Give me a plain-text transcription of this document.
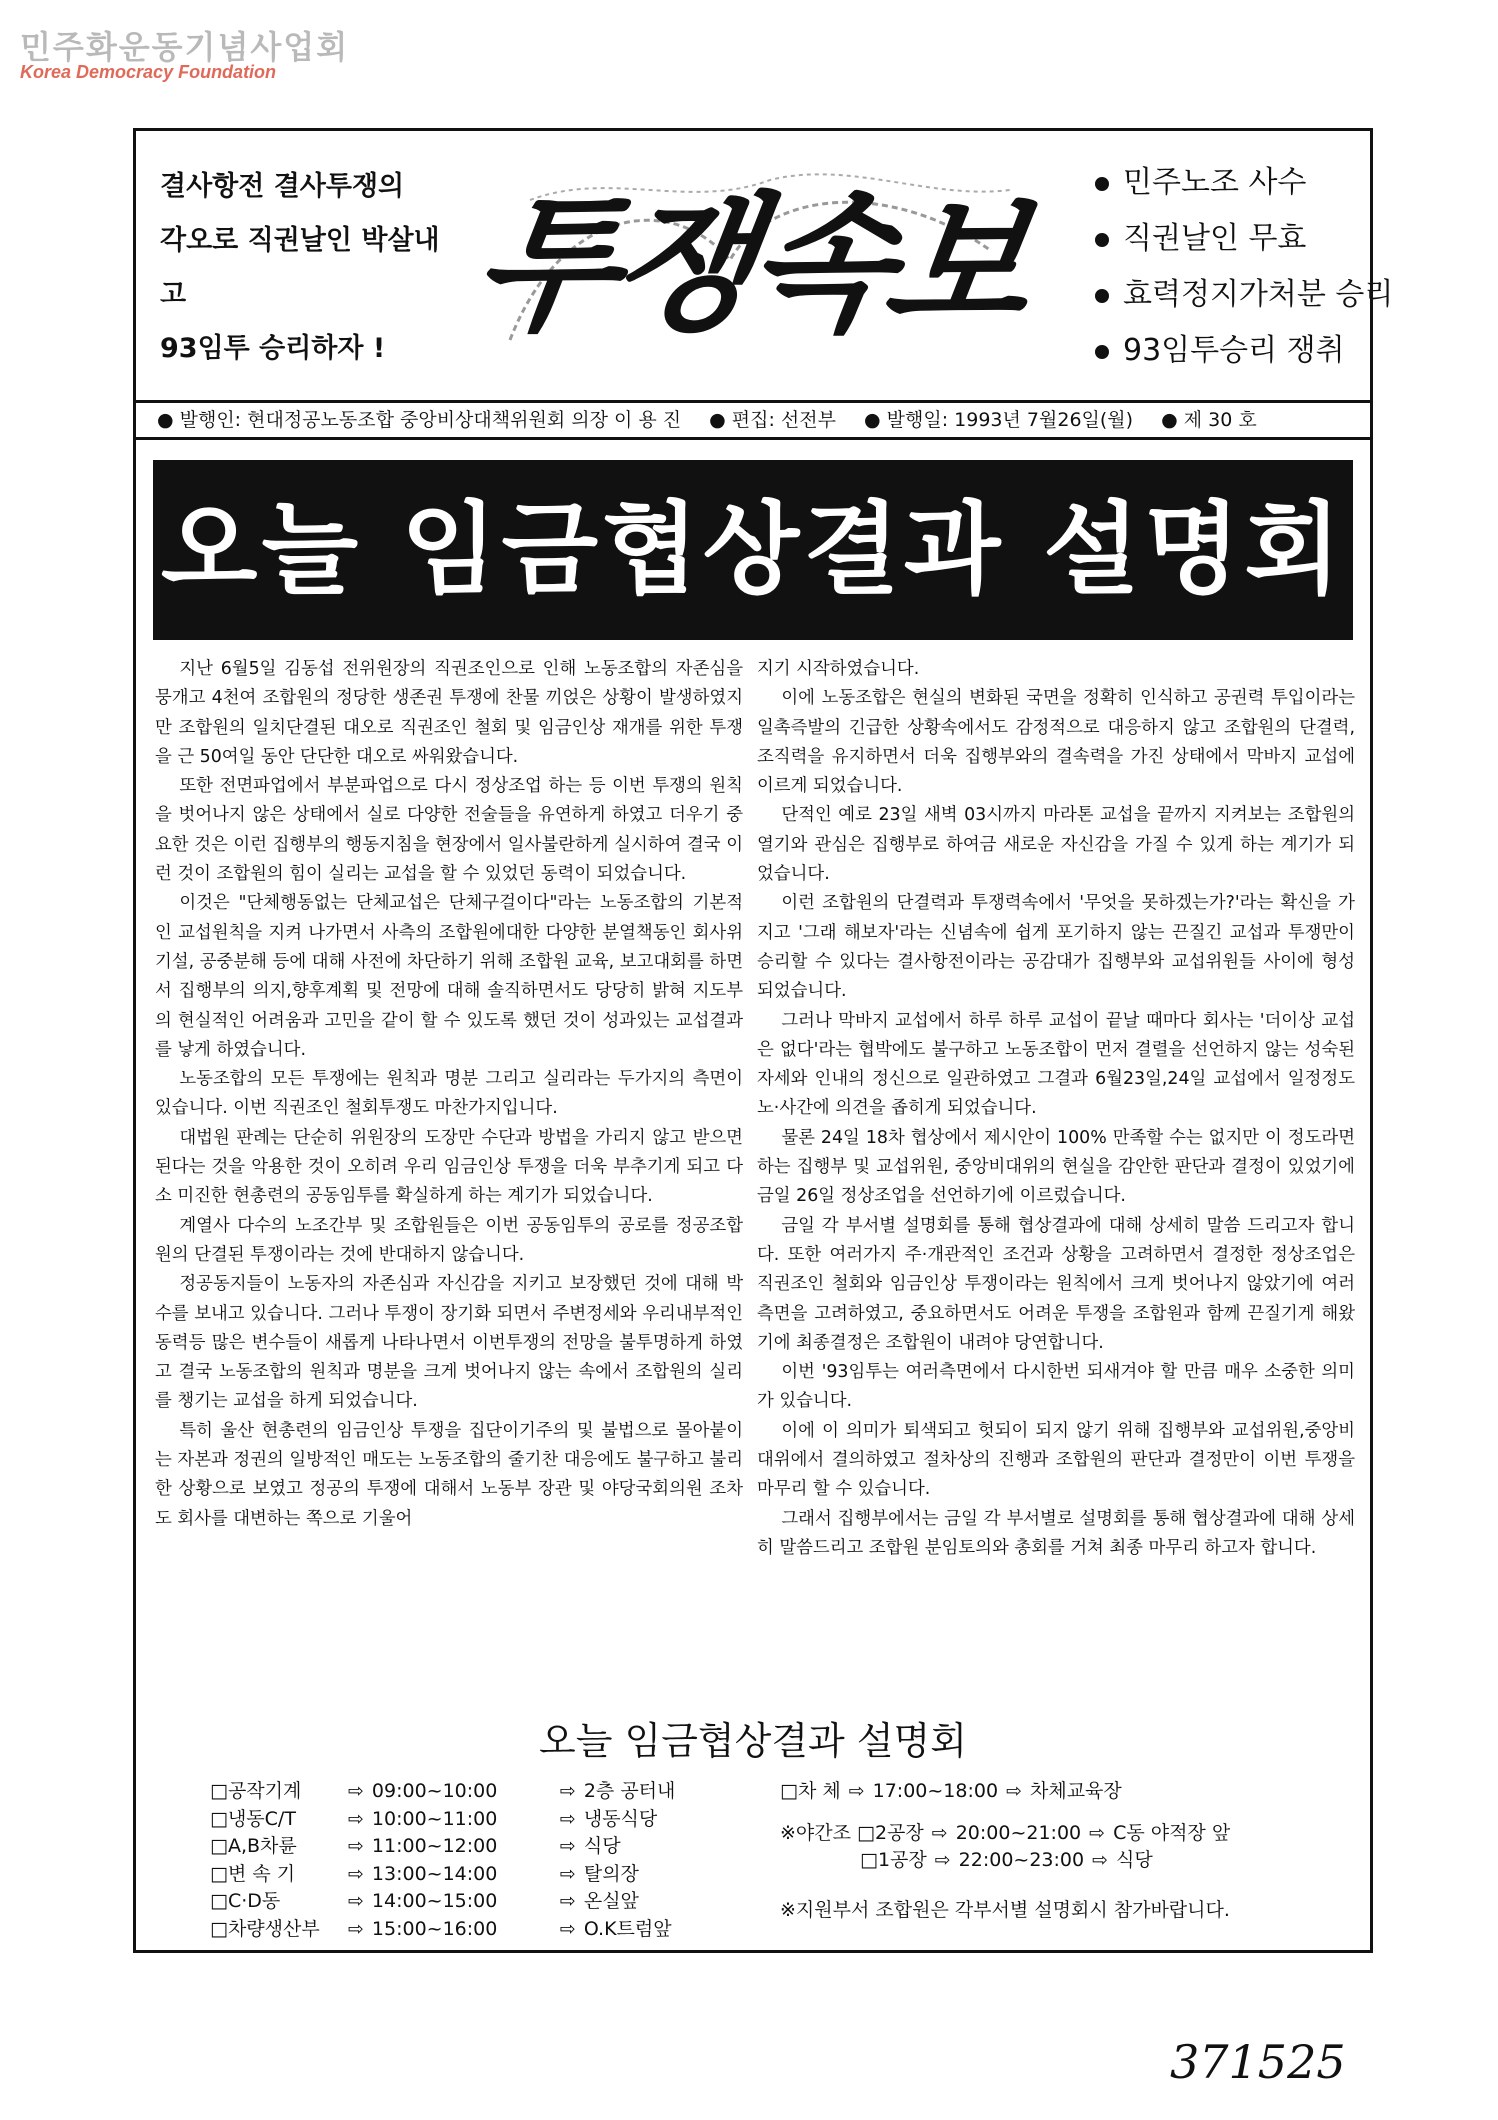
민주화운동기념사업회
Korea Democracy Foundation
결사항전 결사투쟁의
각오로 직권날인 박살내고
93임투 승리하자 ! 투쟁속보	민주노조 사수
직권날인 무효
효력정지가처분 승리
93임투승리 쟁취
● 발행인: 현대정공노동조합 중앙비상대책위원회 의장 이 용 진 ● 편집: 선전부 ● 발행일: 1993년 7월26일(월) ● 제 30 호
오늘 임금협상결과 설명회

지난 6월5일 김동섭 전위원장의 직권조인으로 인해 노동조합의 자존심을 뭉개고 4천여 조합원의 정당한 생존권 투쟁에 찬물 끼얹은 상황이 발생하였지만 조합원의 일치단결된 대오로 직권조인 철회 및 임금인상 재개를 위한 투쟁을 근 50여일 동안 단단한 대오로 싸워왔습니다.

또한 전면파업에서 부분파업으로 다시 정상조업 하는 등 이번 투쟁의 원칙을 벗어나지 않은 상태에서 실로 다양한 전술들을 유연하게 하였고 더우기 중요한 것은 이런 집행부의 행동지침을 현장에서 일사불란하게 실시하여 결국 이런 것이 조합원의 힘이 실리는 교섭을 할 수 있었던 동력이 되었습니다.

이것은 "단체행동없는 단체교섭은 단체구걸이다"라는 노동조합의 기본적인 교섭원칙을 지켜 나가면서 사측의 조합원에대한 다양한 분열책동인 회사위기설, 공중분해 등에 대해 사전에 차단하기 위해 조합원 교육, 보고대회를 하면서 집행부의 의지,향후계획 및 전망에 대해 솔직하면서도 당당히 밝혀 지도부의 현실적인 어려움과 고민을 같이 할 수 있도록 했던 것이 성과있는 교섭결과를 낳게 하였습니다.

노동조합의 모든 투쟁에는 원칙과 명분 그리고 실리라는 두가지의 측면이 있습니다. 이번 직권조인 철회투쟁도 마찬가지입니다.

대법원 판례는 단순히 위원장의 도장만 수단과 방법을 가리지 않고 받으면 된다는 것을 악용한 것이 오히려 우리 임금인상 투쟁을 더욱 부추기게 되고 다소 미진한 현총련의 공동임투를 확실하게 하는 계기가 되었습니다.

계열사 다수의 노조간부 및 조합원들은 이번 공동임투의 공로를 정공조합원의 단결된 투쟁이라는 것에 반대하지 않습니다.

정공동지들이 노동자의 자존심과 자신감을 지키고 보장했던 것에 대해 박수를 보내고 있습니다. 그러나 투쟁이 장기화 되면서 주변정세와 우리내부적인 동력등 많은 변수들이 새롭게 나타나면서 이번투쟁의 전망을 불투명하게 하였고 결국 노동조합의 원칙과 명분을 크게 벗어나지 않는 속에서 조합원의 실리를 챙기는 교섭을 하게 되었습니다.

특히 울산 현총련의 임금인상 투쟁을 집단이기주의 및 불법으로 몰아붙이는 자본과 정권의 일방적인 매도는 노동조합의 줄기찬 대응에도 불구하고 불리한 상황으로 보였고 정공의 투쟁에 대해서 노동부 장관 및 야당국회의원 조차도 회사를 대변하는 쪽으로 기울어

지기 시작하였습니다.

이에 노동조합은 현실의 변화된 국면을 정확히 인식하고 공권력 투입이라는 일촉즉발의 긴급한 상황속에서도 감정적으로 대응하지 않고 조합원의 단결력, 조직력을 유지하면서 더욱 집행부와의 결속력을 가진 상태에서 막바지 교섭에 이르게 되었습니다.

단적인 예로 23일 새벽 03시까지 마라톤 교섭을 끝까지 지켜보는 조합원의 열기와 관심은 집행부로 하여금 새로운 자신감을 가질 수 있게 하는 계기가 되었습니다.

이런 조합원의 단결력과 투쟁력속에서 '무엇을 못하겠는가?'라는 확신을 가지고 '그래 해보자'라는 신념속에 쉽게 포기하지 않는 끈질긴 교섭과 투쟁만이 승리할 수 있다는 결사항전이라는 공감대가 집행부와 교섭위원들 사이에 형성되었습니다.

그러나 막바지 교섭에서 하루 하루 교섭이 끝날 때마다 회사는 '더이상 교섭은 없다'라는 협박에도 불구하고 노동조합이 먼저 결렬을 선언하지 않는 성숙된 자세와 인내의 정신으로 일관하였고 그결과 6월23일,24일 교섭에서 일정정도 노·사간에 의견을 좁히게 되었습니다.

물론 24일 18차 협상에서 제시안이 100% 만족할 수는 없지만 이 정도라면 하는 집행부 및 교섭위원, 중앙비대위의 현실을 감안한 판단과 결정이 있었기에 금일 26일 정상조업을 선언하기에 이르렀습니다.

금일 각 부서별 설명회를 통해 협상결과에 대해 상세히 말씀 드리고자 합니다. 또한 여러가지 주·개관적인 조건과 상황을 고려하면서 결정한 정상조업은 직권조인 철회와 임금인상 투쟁이라는 원칙에서 크게 벗어나지 않았기에 여러 측면을 고려하였고, 중요하면서도 어려운 투쟁을 조합원과 함께 끈질기게 해왔기에 최종결정은 조합원이 내려야 당연합니다.

이번 '93임투는 여러측면에서 다시한번 되새겨야 할 만큼 매우 소중한 의미가 있습니다.

이에 이 의미가 퇴색되고 헛되이 되지 않기 위해 집행부와 교섭위원,중앙비대위에서 결의하였고 절차상의 진행과 조합원의 판단과 결정만이 이번 투쟁을 마무리 할 수 있습니다.

그래서 집행부에서는 금일 각 부서별로 설명회를 통해 협상결과에 대해 상세히 말씀드리고 조합원 분임토의와 총회를 거쳐 최종 마무리 하고자 합니다.

오늘 임금협상결과 설명회
□공작기계 ⇨ 09:00~10:00	⇨ 2층 공터내
□냉동C/T	⇨ 10:00~11:00	⇨ 냉동식당
□A,B차륜	⇨ 11:00~12:00	⇨ 식당
□변 속 기	⇨ 13:00~14:00	⇨ 탈의장
□C·D동	⇨ 14:00~15:00	⇨ 온실앞
□차량생산부 ⇨ 15:00~16:00	⇨ O.K트럼앞
□차 체 ⇨ 17:00~18:00 ⇨ 차체교육장
※야간조 □2공장 ⇨ 20:00~21:00 ⇨ C동 야적장 앞
□1공장 ⇨ 22:00~23:00 ⇨ 식당
※지원부서 조합원은 각부서별 설명회시 참가바랍니다.
371525
